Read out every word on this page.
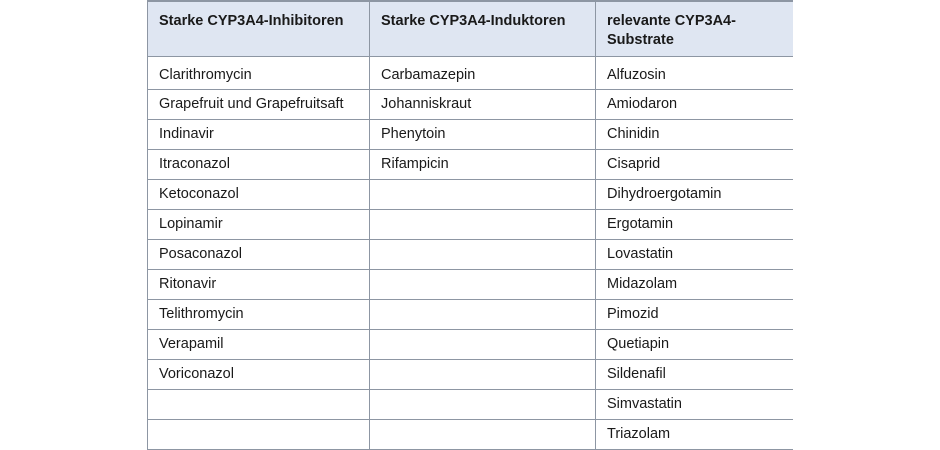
Starke CYP3A4-Inhibitoren	Starke CYP3A4-Induktoren	relevante CYP3A4-Substrate
Clarithromycin	Carbamazepin	Alfuzosin
Grapefruit und Grapefruitsaft	Johanniskraut	Amiodaron
Indinavir	Phenytoin	Chinidin
Itraconazol	Rifampicin	Cisaprid
Ketoconazol		Dihydroergotamin
Lopinamir		Ergotamin
Posaconazol		Lovastatin
Ritonavir		Midazolam
Telithromycin		Pimozid
Verapamil		Quetiapin
Voriconazol		Sildenafil
		Simvastatin
		Triazolam
